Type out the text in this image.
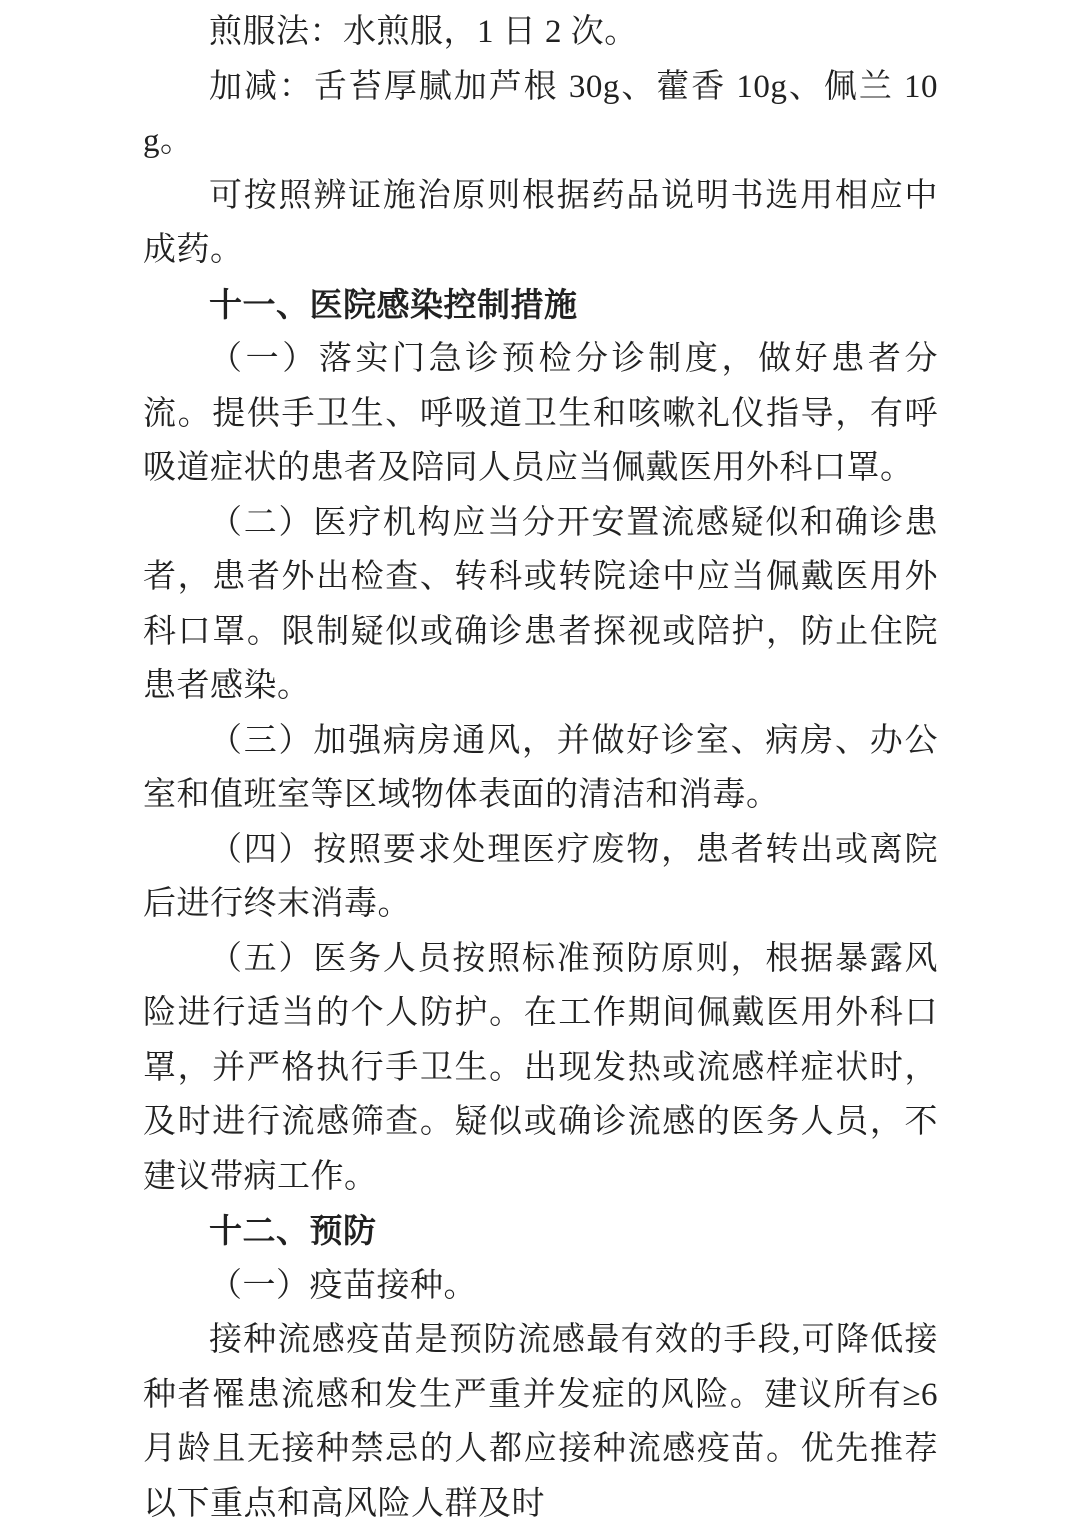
煎服法：水煎服，1 日 2 次。

加减：舌苔厚腻加芦根 30g、藿香 10g、佩兰 10g。

可按照辨证施治原则根据药品说明书选用相应中成药。

十一、医院感染控制措施

（一）落实门急诊预检分诊制度，做好患者分流。提供手卫生、呼吸道卫生和咳嗽礼仪指导，有呼吸道症状的患者及陪同人员应当佩戴医用外科口罩。

（二）医疗机构应当分开安置流感疑似和确诊患者，患者外出检查、转科或转院途中应当佩戴医用外科口罩。限制疑似或确诊患者探视或陪护，防止住院患者感染。

（三）加强病房通风，并做好诊室、病房、办公室和值班室等区域物体表面的清洁和消毒。

（四）按照要求处理医疗废物，患者转出或离院后进行终末消毒。

（五）医务人员按照标准预防原则，根据暴露风险进行适当的个人防护。在工作期间佩戴医用外科口罩，并严格执行手卫生。出现发热或流感样症状时，及时进行流感筛查。疑似或确诊流感的医务人员，不建议带病工作。

十二、预防

（一）疫苗接种。

接种流感疫苗是预防流感最有效的手段,可降低接种者罹患流感和发生严重并发症的风险。建议所有≥6 月龄且无接种禁忌的人都应接种流感疫苗。优先推荐以下重点和高风险人群及时
